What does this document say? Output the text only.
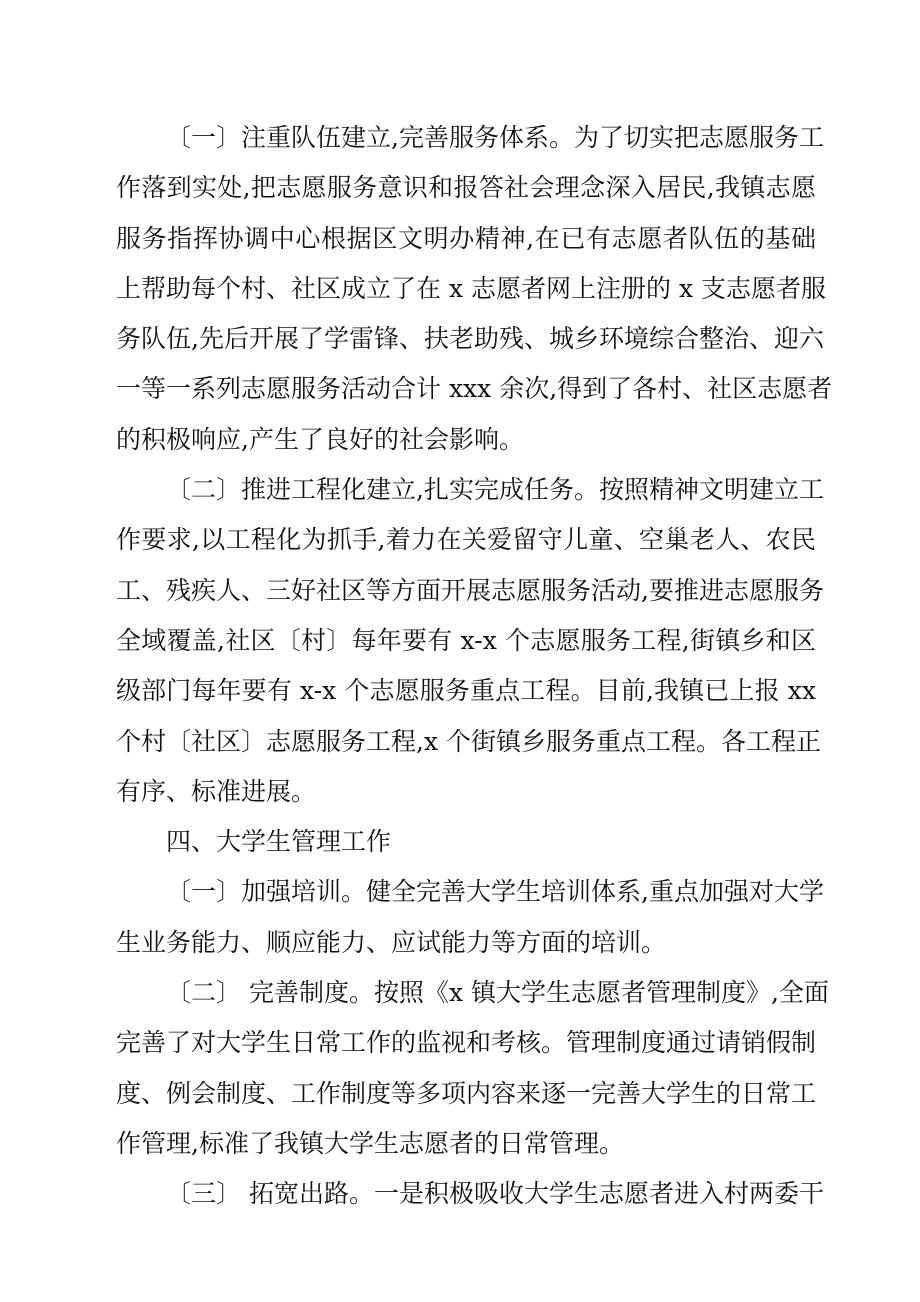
〔一〕注重队伍建立,完善服务体系。为了切实把志愿服务工
作落到实处,把志愿服务意识和报答社会理念深入居民,我镇志愿
服务指挥协调中心根据区文明办精神,在已有志愿者队伍的基础
上帮助每个村、社区成立了在 x 志愿者网上注册的 x 支志愿者服
务队伍,先后开展了学雷锋、扶老助残、城乡环境综合整治、迎六
一等一系列志愿服务活动合计 xxx 余次,得到了各村、社区志愿者
的积极响应,产生了良好的社会影响。
〔二〕推进工程化建立,扎实完成任务。按照精神文明建立工
作要求,以工程化为抓手,着力在关爱留守儿童、空巢老人、农民
工、残疾人、三好社区等方面开展志愿服务活动,要推进志愿服务
全域覆盖,社区〔村〕每年要有 x-x 个志愿服务工程,街镇乡和区
级部门每年要有 x-x 个志愿服务重点工程。目前,我镇已上报 xx
个村〔社区〕志愿服务工程,x 个街镇乡服务重点工程。各工程正
有序、标准进展。
四、大学生管理工作
〔一〕加强培训。健全完善大学生培训体系,重点加强对大学
生业务能力、顺应能力、应试能力等方面的培训。
〔二〕 完善制度。按照《x 镇大学生志愿者管理制度》,全面
完善了对大学生日常工作的监视和考核。管理制度通过请销假制
度、例会制度、工作制度等多项内容来逐一完善大学生的日常工
作管理,标准了我镇大学生志愿者的日常管理。
〔三〕 拓宽出路。一是积极吸收大学生志愿者进入村两委干
